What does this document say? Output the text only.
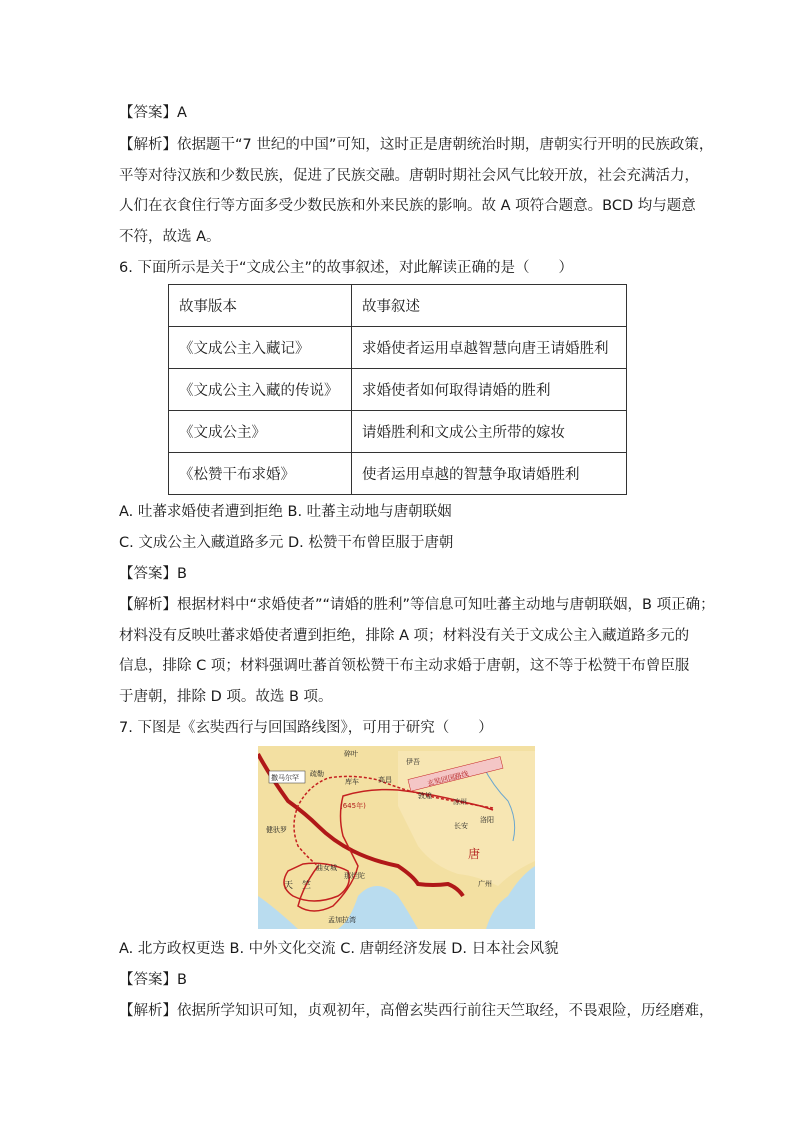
【答案】A
【解析】依据题干“7 世纪的中国”可知，这时正是唐朝统治时期，唐朝实行开明的民族政策，
平等对待汉族和少数民族，促进了民族交融。唐朝时期社会风气比较开放，社会充满活力，
人们在衣食住行等方面多受少数民族和外来民族的影响。故 A 项符合题意。BCD 均与题意
不符，故选 A。
6. 下面所示是关于“文成公主”的故事叙述，对此解读正确的是（　　）
故事版本	故事叙述
《文成公主入藏记》	求婚使者运用卓越智慧向唐王请婚胜利
《文成公主入藏的传说》	求婚使者如何取得请婚的胜利
《文成公主》	请婚胜利和文成公主所带的嫁妆
《松赞干布求婚》	使者运用卓越的智慧争取请婚胜利
A. 吐蕃求婚使者遭到拒绝 B. 吐蕃主动地与唐朝联姻
C. 文成公主入藏道路多元 D. 松赞干布曾臣服于唐朝
【答案】B
【解析】根据材料中“求婚使者”“请婚的胜利”等信息可知吐蕃主动地与唐朝联姻，B 项正确；
材料没有反映吐蕃求婚使者遭到拒绝，排除 A 项；材料没有关于文成公主入藏道路多元的
信息，排除 C 项；材料强调吐蕃首领松赞干布主动求婚于唐朝，这不等于松赞干布曾臣服
于唐朝，排除 D 项。故选 B 项。
7. 下图是《玄奘西行与回国路线图》，可用于研究（　　）
玄奘回国路线
(645年)
撒马尔罕
碎叶
疏勒
库车
伊吾
高昌
敦煌
凉州
长安
洛阳
唐
广州
健驮罗
曲女城
那烂陀
天　竺
孟加拉湾
A. 北方政权更迭 B. 中外文化交流 C. 唐朝经济发展 D. 日本社会风貌
【答案】B
【解析】依据所学知识可知，贞观初年，高僧玄奘西行前往天竺取经，不畏艰险，历经磨难，
